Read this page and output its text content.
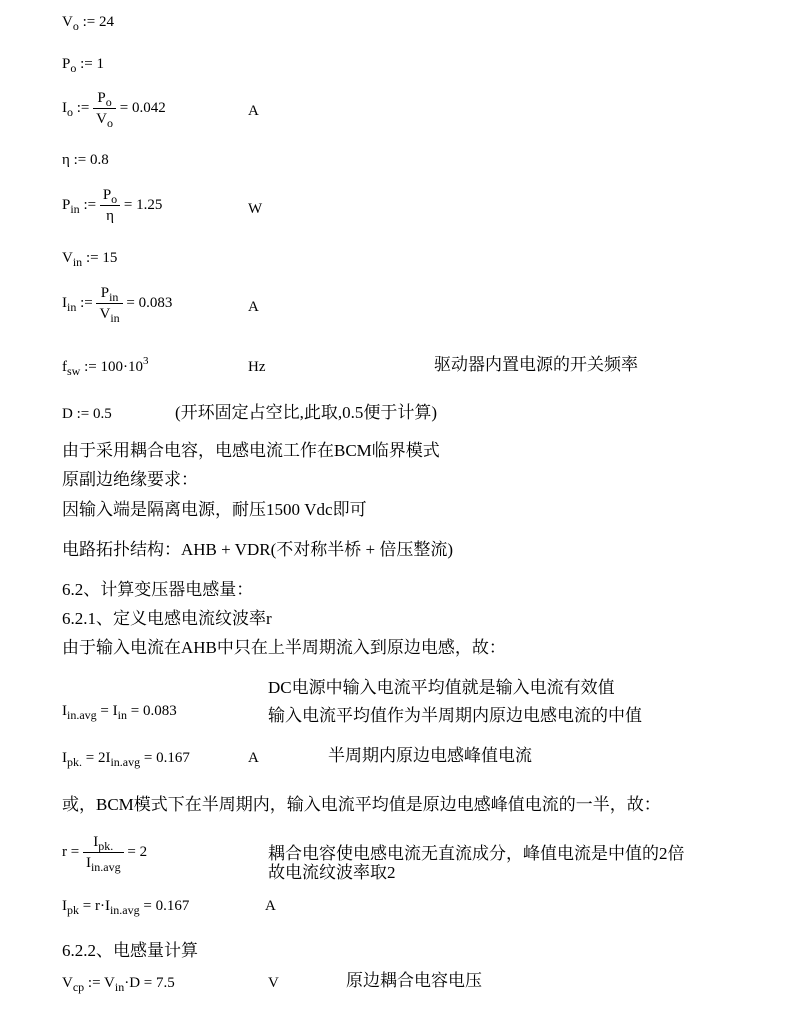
$V_o$ := 24
$P_o$ := 1
$I_o$ := $\frac{P_o}{V_o} = 0.042$	A
η := 0.8
$P_{in}$ := $\frac{P_o}{\eta} = 1.25$	W
$V_{in}$ := 15
$I_{in}$ := $\frac{P_{in}}{V_{in}} = 0.083$	A
$f_{sw}$ := $100\cdot 10^3$	Hz	驱动器内置电源的开关频率
D := 0.5	(开环固定占空比,此取,0.5便于计算)
由于采用耦合电容，电感电流工作在BCM临界模式
原副边绝缘要求：
因输入端是隔离电源，耐压1500 Vdc即可
电路拓扑结构：AHB + VDR(不对称半桥 + 倍压整流)
6.2、计算变压器电感量：
6.2.1、定义电感电流纹波率r
由于输入电流在AHB中只在上半周期流入到原边电感，故：
DC电源中输入电流平均值就是输入电流有效值
$I_{in.avg} = I_{in} = 0.083$	输入电流平均值作为半周期内原边电感电流的中值
$I_{pk.} = 2I_{in.avg} = 0.167$	A	半周期内原边电感峰值电流
或，BCM模式下在半周期内，输入电流平均值是原边电感峰值电流的一半，故：
$r = \frac{I_{pk.}}{I_{in.avg}} = 2$	耦合电容使电感电流无直流成分，峰值电流是中值的2倍
故电流纹波率取2
$I_{pk} = r\cdot I_{in.avg} = 0.167$	A
6.2.2、电感量计算
$V_{cp}$ := $V_{in}\cdot D = 7.5$	V	原边耦合电容电压
